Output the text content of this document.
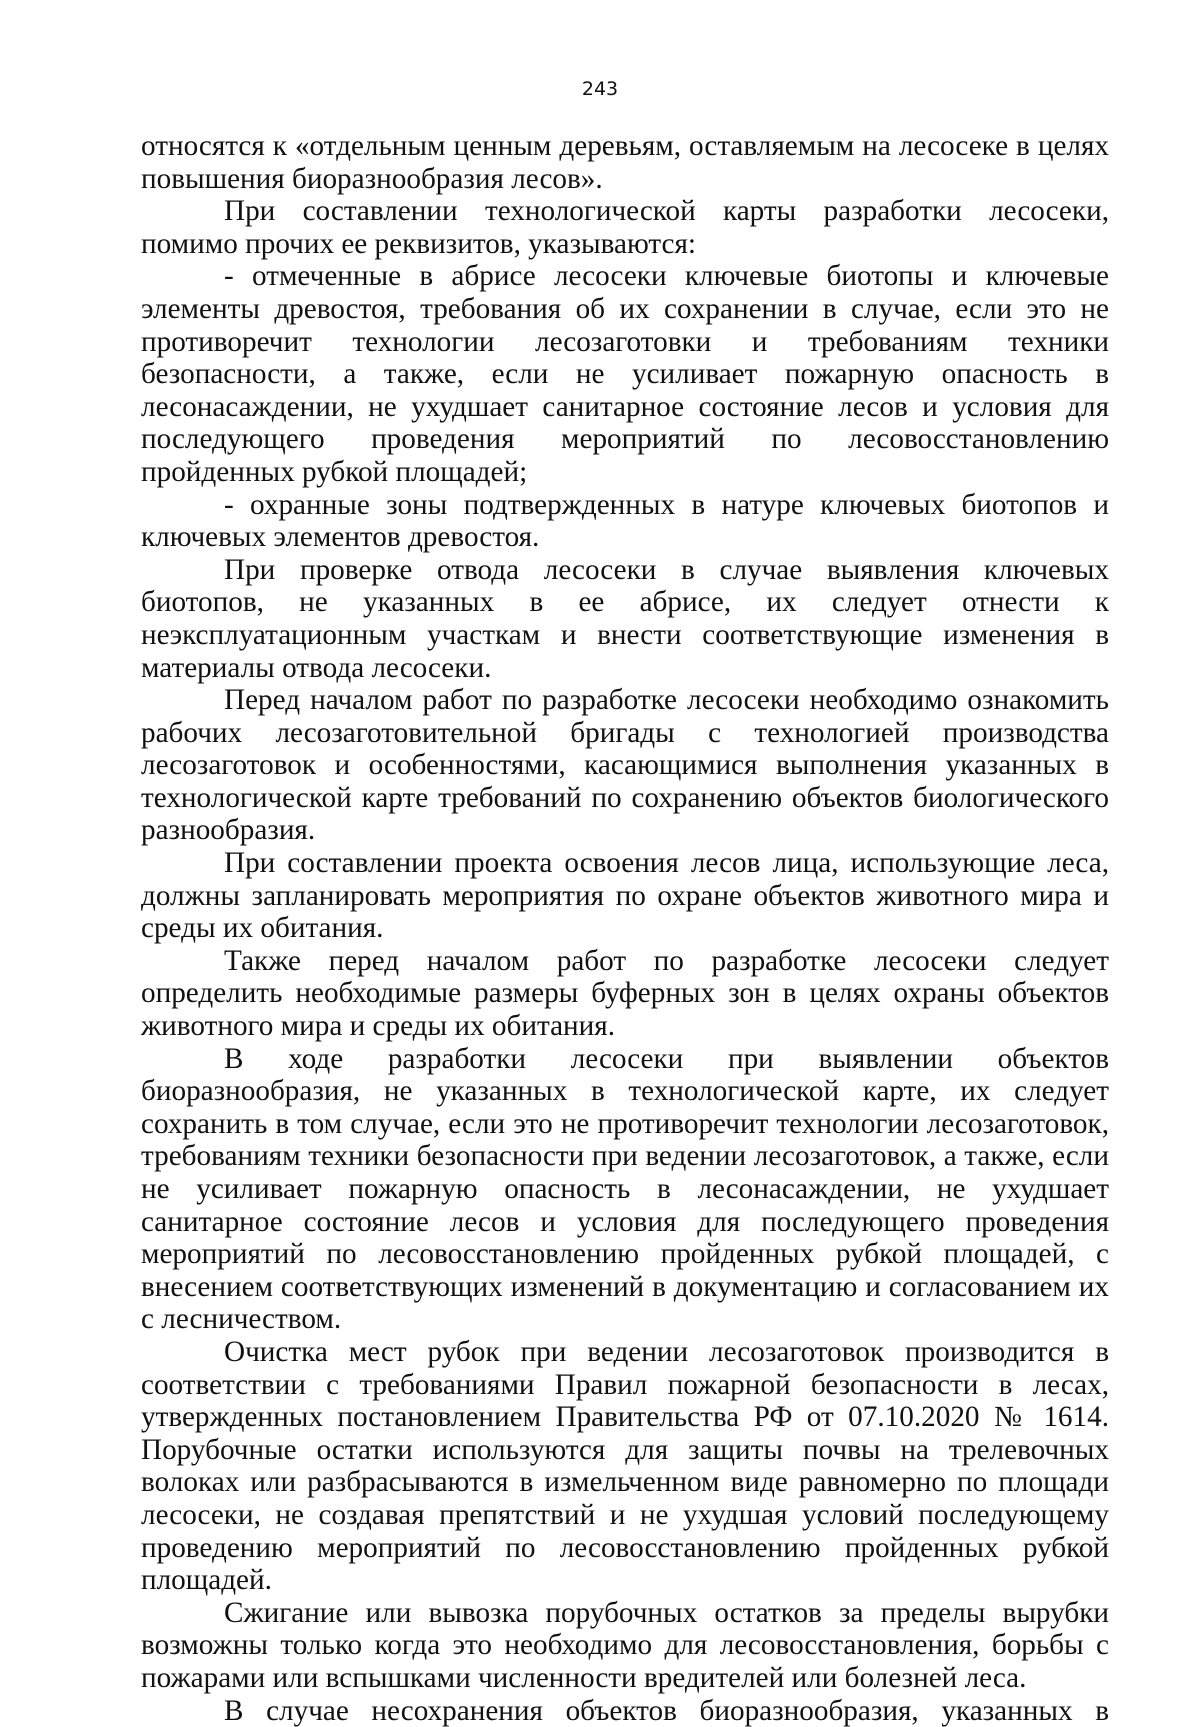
243

относятся к «отдельным ценным деревьям, оставляемым на лесосеке в целях повышения биоразнообразия лесов».

При составлении технологической карты разработки лесосеки, помимо прочих ее реквизитов, указываются:

- отмеченные в абрисе лесосеки ключевые биотопы и ключевые элементы древостоя, требования об их сохранении в случае, если это не противоречит технологии лесозаготовки и требованиям техники безопасности, а также, если не усиливает пожарную опасность в лесонасаждении, не ухудшает санитарное состояние лесов и условия для последующего проведения мероприятий по лесовосстановлению пройденных рубкой площадей;

- охранные зоны подтвержденных в натуре ключевых биотопов и ключевых элементов древостоя.

При проверке отвода лесосеки в случае выявления ключевых биотопов, не указанных в ее абрисе, их следует отнести к неэксплуатационным участкам и внести соответствующие изменения в материалы отвода лесосеки.

Перед началом работ по разработке лесосеки необходимо ознакомить рабочих лесозаготовительной бригады с технологией производства лесозаготовок и особенностями, касающимися выполнения указанных в технологической карте требований по сохранению объектов биологического разнообразия.

При составлении проекта освоения лесов лица, использующие леса, должны запланировать мероприятия по охране объектов животного мира и среды их обитания.

Также перед началом работ по разработке лесосеки следует определить необходимые размеры буферных зон в целях охраны объектов животного мира и среды их обитания.

В ходе разработки лесосеки при выявлении объектов биоразнообразия, не указанных в технологической карте, их следует сохранить в том случае, если это не противоречит технологии лесозаготовок, требованиям техники безопасности при ведении лесозаготовок, а также, если не усиливает пожарную опасность в лесонасаждении, не ухудшает санитарное состояние лесов и условия для последующего проведения мероприятий по лесовосстановлению пройденных рубкой площадей, с внесением соответствующих изменений в документацию и согласованием их с лесничеством.

Очистка мест рубок при ведении лесозаготовок производится в соответствии с требованиями Правил пожарной безопасности в лесах, утвержденных постановлением Правительства РФ от 07.10.2020 № 1614. Порубочные остатки используются для защиты почвы на трелевочных волоках или разбрасываются в измельченном виде равномерно по площади лесосеки, не создавая препятствий и не ухудшая условий последующему проведению мероприятий по лесовосстановлению пройденных рубкой площадей.

Сжигание или вывозка порубочных остатков за пределы вырубки возможны только когда это необходимо для лесовосстановления, борьбы с пожарами или вспышками численности вредителей или болезней леса.

В случае несохранения объектов биоразнообразия, указанных в
